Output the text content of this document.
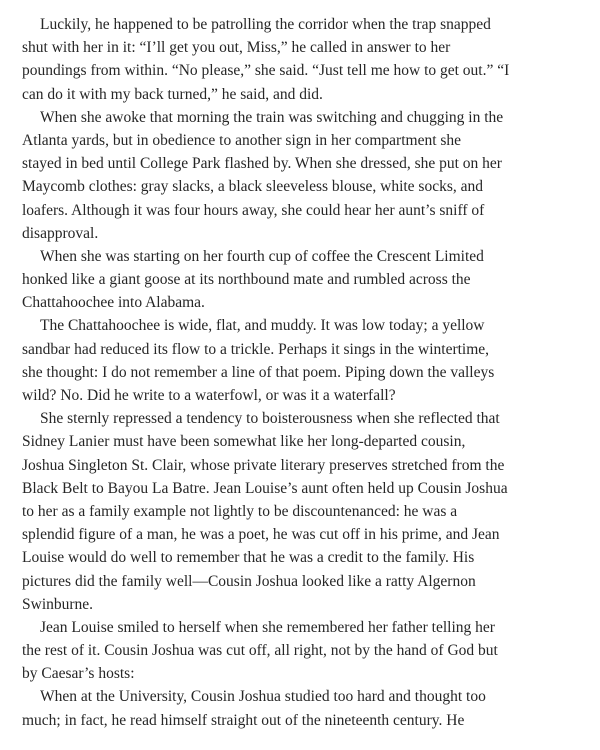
Luckily, he happened to be patrolling the corridor when the trap snapped
shut with her in it: “I’ll get you out, Miss,” he called in answer to her
poundings from within. “No please,” she said. “Just tell me how to get out.” “I
can do it with my back turned,” he said, and did.
When she awoke that morning the train was switching and chugging in the
Atlanta yards, but in obedience to another sign in her compartment she
stayed in bed until College Park flashed by. When she dressed, she put on her
Maycomb clothes: gray slacks, a black sleeveless blouse, white socks, and
loafers. Although it was four hours away, she could hear her aunt’s sniff of
disapproval.
When she was starting on her fourth cup of coffee the Crescent Limited
honked like a giant goose at its northbound mate and rumbled across the
Chattahoochee into Alabama.
The Chattahoochee is wide, flat, and muddy. It was low today; a yellow
sandbar had reduced its flow to a trickle. Perhaps it sings in the wintertime,
she thought: I do not remember a line of that poem. Piping down the valleys
wild? No. Did he write to a waterfowl, or was it a waterfall?
She sternly repressed a tendency to boisterousness when she reflected that
Sidney Lanier must have been somewhat like her long-departed cousin,
Joshua Singleton St. Clair, whose private literary preserves stretched from the
Black Belt to Bayou La Batre. Jean Louise’s aunt often held up Cousin Joshua
to her as a family example not lightly to be discountenanced: he was a
splendid figure of a man, he was a poet, he was cut off in his prime, and Jean
Louise would do well to remember that he was a credit to the family. His
pictures did the family well—Cousin Joshua looked like a ratty Algernon
Swinburne.
Jean Louise smiled to herself when she remembered her father telling her
the rest of it. Cousin Joshua was cut off, all right, not by the hand of God but
by Caesar’s hosts:
When at the University, Cousin Joshua studied too hard and thought too
much; in fact, he read himself straight out of the nineteenth century. He
